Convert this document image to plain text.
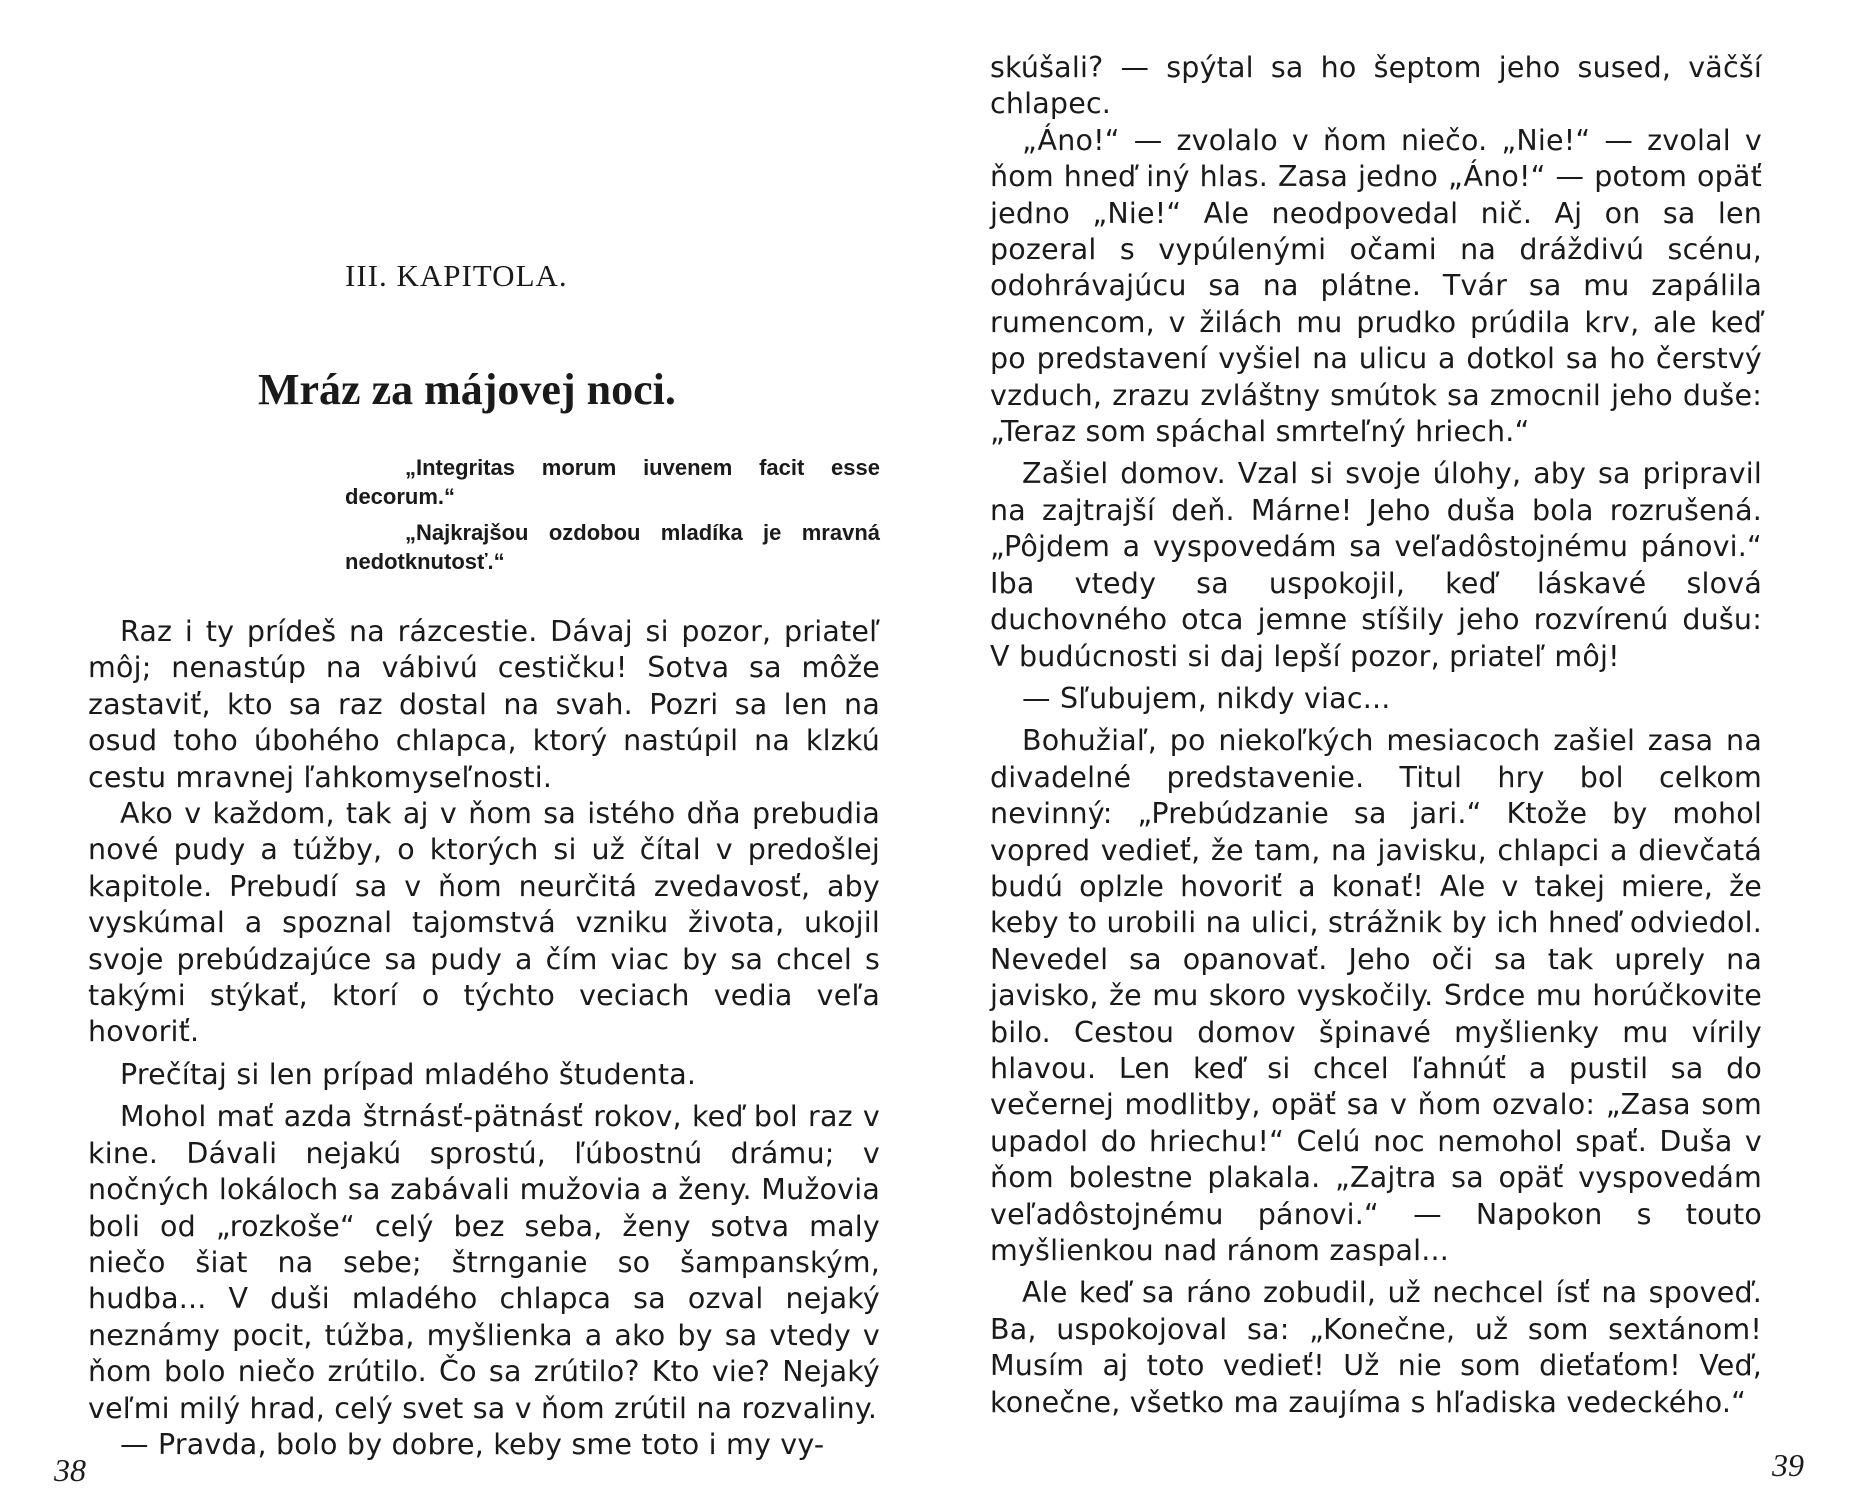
III. KAPITOLA.
Mráz za májovej noci.

„Integritas morum iuvenem facit esse decorum.“

„Najkrajšou ozdobou mladíka je mravná nedotknutosť.“

Raz i ty prídeš na rázcestie. Dávaj si pozor, priateľ môj; nenastúp na vábivú cestičku! Sotva sa môže zastaviť, kto sa raz dostal na svah. Pozri sa len na osud toho úbohého chlapca, ktorý nastúpil na klzkú cestu mravnej ľahkomyseľnosti.

Ako v každom, tak aj v ňom sa istého dňa prebudia nové pudy a túžby, o ktorých si už čítal v predošlej kapitole. Prebudí sa v ňom neurčitá zvedavosť, aby vyskúmal a spoznal tajomstvá vzniku života, ukojil svoje prebúdzajúce sa pudy a čím viac by sa chcel s takými stýkať, ktorí o týchto veciach vedia veľa hovoriť.

Prečítaj si len prípad mladého študenta.

Mohol mať azda štrnásť-pätnásť rokov, keď bol raz v kine. Dávali nejakú sprostú, ľúbostnú drámu; v nočných lokáloch sa zabávali mužovia a ženy. Mužovia boli od „rozkoše“ celý bez seba, ženy sotva maly niečo šiat na sebe; štrnganie so šampanským, hudba... V duši mladého chlapca sa ozval nejaký neznámy pocit, túžba, myšlienka a ako by sa vtedy v ňom bolo niečo zrútilo. Čo sa zrútilo? Kto vie? Nejaký veľmi milý hrad, celý svet sa v ňom zrútil na rozvaliny.

— Pravda, bolo by dobre, keby sme toto i my vy-

38

skúšali? — spýtal sa ho šeptom jeho sused, väčší chlapec.

„Áno!“ — zvolalo v ňom niečo. „Nie!“ — zvolal v ňom hneď iný hlas. Zasa jedno „Áno!“ — potom opäť jedno „Nie!“ Ale neodpovedal nič. Aj on sa len pozeral s vypúlenými očami na dráždivú scénu, odohrávajúcu sa na plátne. Tvár sa mu zapálila rumencom, v žilách mu prudko prúdila krv, ale keď po predstavení vyšiel na ulicu a dotkol sa ho čerstvý vzduch, zrazu zvláštny smútok sa zmocnil jeho duše: „Teraz som spáchal smrteľný hriech.“

Zašiel domov. Vzal si svoje úlohy, aby sa pripravil na zajtrajší deň. Márne! Jeho duša bola rozrušená. „Pôjdem a vyspovedám sa veľadôstojnému pánovi.“ Iba vtedy sa uspokojil, keď láskavé slová duchovného otca jemne stíšily jeho rozvírenú dušu: V budúcnosti si daj lepší pozor, priateľ môj!

— Sľubujem, nikdy viac...

Bohužiaľ, po niekoľkých mesiacoch zašiel zasa na divadelné predstavenie. Titul hry bol celkom nevinný: „Prebúdzanie sa jari.“ Ktože by mohol vopred vedieť, že tam, na javisku, chlapci a dievčatá budú oplzle hovoriť a konať! Ale v takej miere, že keby to urobili na ulici, strážnik by ich hneď odviedol. Nevedel sa opanovať. Jeho oči sa tak uprely na javisko, že mu skoro vyskočily. Srdce mu horúčkovite bilo. Cestou domov špinavé myšlienky mu vírily hlavou. Len keď si chcel ľahnúť a pustil sa do večernej modlitby, opäť sa v ňom ozvalo: „Zasa som upadol do hriechu!“ Celú noc nemohol spať. Duša v ňom bolestne plakala. „Zajtra sa opäť vyspovedám veľadôstojnému pánovi.“ — Napokon s touto myšlienkou nad ránom zaspal...

Ale keď sa ráno zobudil, už nechcel ísť na spoveď. Ba, uspokojoval sa: „Konečne, už som sextánom! Musím aj toto vedieť! Už nie som dieťaťom! Veď, konečne, všetko ma zaujíma s hľadiska vedeckého.“

39
